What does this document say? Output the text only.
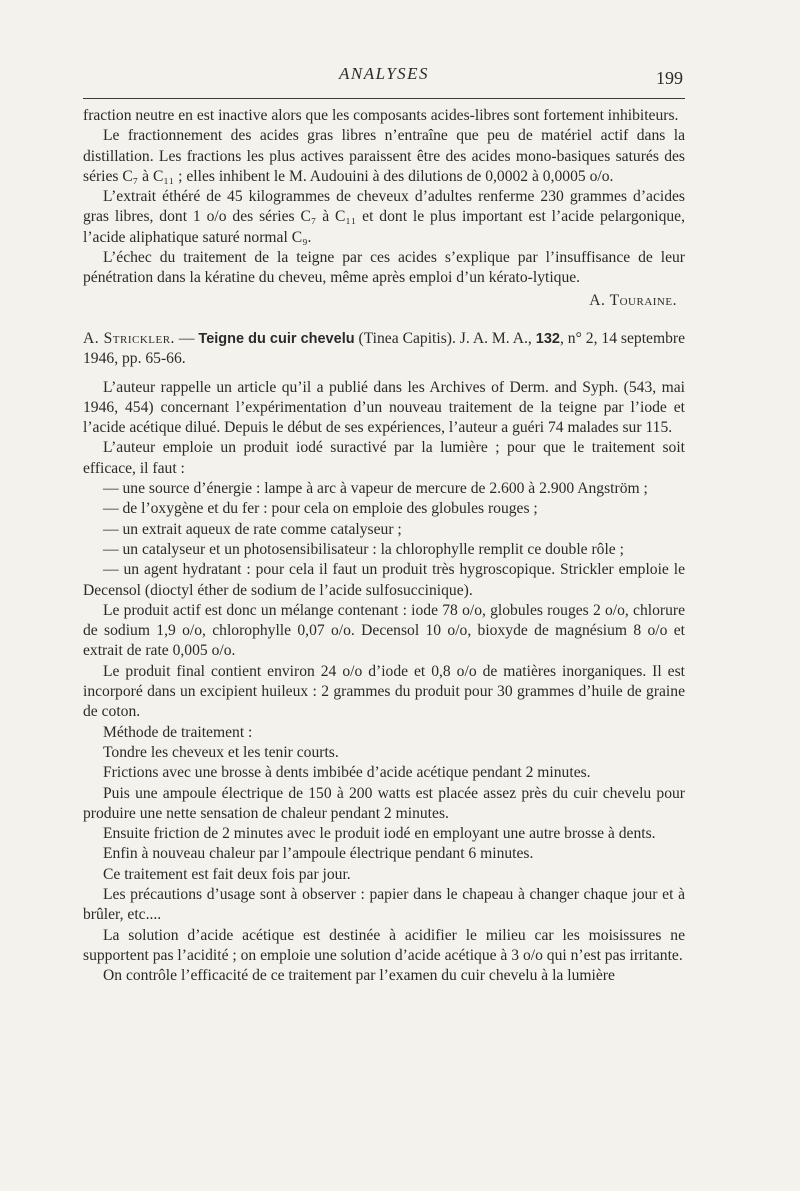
ANALYSES	199

fraction neutre en est inactive alors que les composants acides-libres sont fortement inhibiteurs.

Le fractionnement des acides gras libres n’entraîne que peu de matériel actif dans la distillation. Les fractions les plus actives paraissent être des acides mono-basiques saturés des séries C₇ à C₁₁ ; elles inhibent le M. Audouini à des dilutions de 0,0002 à 0,0005 o/o.

L’extrait éthéré de 45 kilogrammes de cheveux d’adultes renferme 230 grammes d’acides gras libres, dont 1 o/o des séries C₇ à C₁₁ et dont le plus important est l’acide pelargonique, l’acide aliphatique saturé normal C₉.

L’échec du traitement de la teigne par ces acides s’explique par l’insuffisance de leur pénétration dans la kératine du cheveu, même après emploi d’un kérato-lytique.

A. Touraine.

A. Strickler. — Teigne du cuir chevelu (Tinea Capitis). J. A. M. A., 132, n° 2, 14 septembre 1946, pp. 65-66.

L’auteur rappelle un article qu’il a publié dans les Archives of Derm. and Syph. (543, mai 1946, 454) concernant l’expérimentation d’un nouveau traitement de la teigne par l’iode et l’acide acétique dilué. Depuis le début de ses expériences, l’auteur a guéri 74 malades sur 115.

L’auteur emploie un produit iodé suractivé par la lumière ; pour que le traitement soit efficace, il faut :

— une source d’énergie : lampe à arc à vapeur de mercure de 2.600 à 2.900 Angström ;

— de l’oxygène et du fer : pour cela on emploie des globules rouges ;

— un extrait aqueux de rate comme catalyseur ;

— un catalyseur et un photosensibilisateur : la chlorophylle remplit ce double rôle ;

— un agent hydratant : pour cela il faut un produit très hygroscopique. Strickler emploie le Decensol (dioctyl éther de sodium de l’acide sulfosuccinique).

Le produit actif est donc un mélange contenant : iode 78 o/o, globules rouges 2 o/o, chlorure de sodium 1,9 o/o, chlorophylle 0,07 o/o. Decensol 10 o/o, bioxyde de magnésium 8 o/o et extrait de rate 0,005 o/o.

Le produit final contient environ 24 o/o d’iode et 0,8 o/o de matières inorganiques. Il est incorporé dans un excipient huileux : 2 grammes du produit pour 30 grammes d’huile de graine de coton.

Méthode de traitement :

Tondre les cheveux et les tenir courts.

Frictions avec une brosse à dents imbibée d’acide acétique pendant 2 minutes.

Puis une ampoule électrique de 150 à 200 watts est placée assez près du cuir chevelu pour produire une nette sensation de chaleur pendant 2 minutes.

Ensuite friction de 2 minutes avec le produit iodé en employant une autre brosse à dents.

Enfin à nouveau chaleur par l’ampoule électrique pendant 6 minutes.

Ce traitement est fait deux fois par jour.

Les précautions d’usage sont à observer : papier dans le chapeau à changer chaque jour et à brûler, etc....

La solution d’acide acétique est destinée à acidifier le milieu car les moisissures ne supportent pas l’acidité ; on emploie une solution d’acide acétique à 3 o/o qui n’est pas irritante.

On contrôle l’efficacité de ce traitement par l’examen du cuir chevelu à la lumière
